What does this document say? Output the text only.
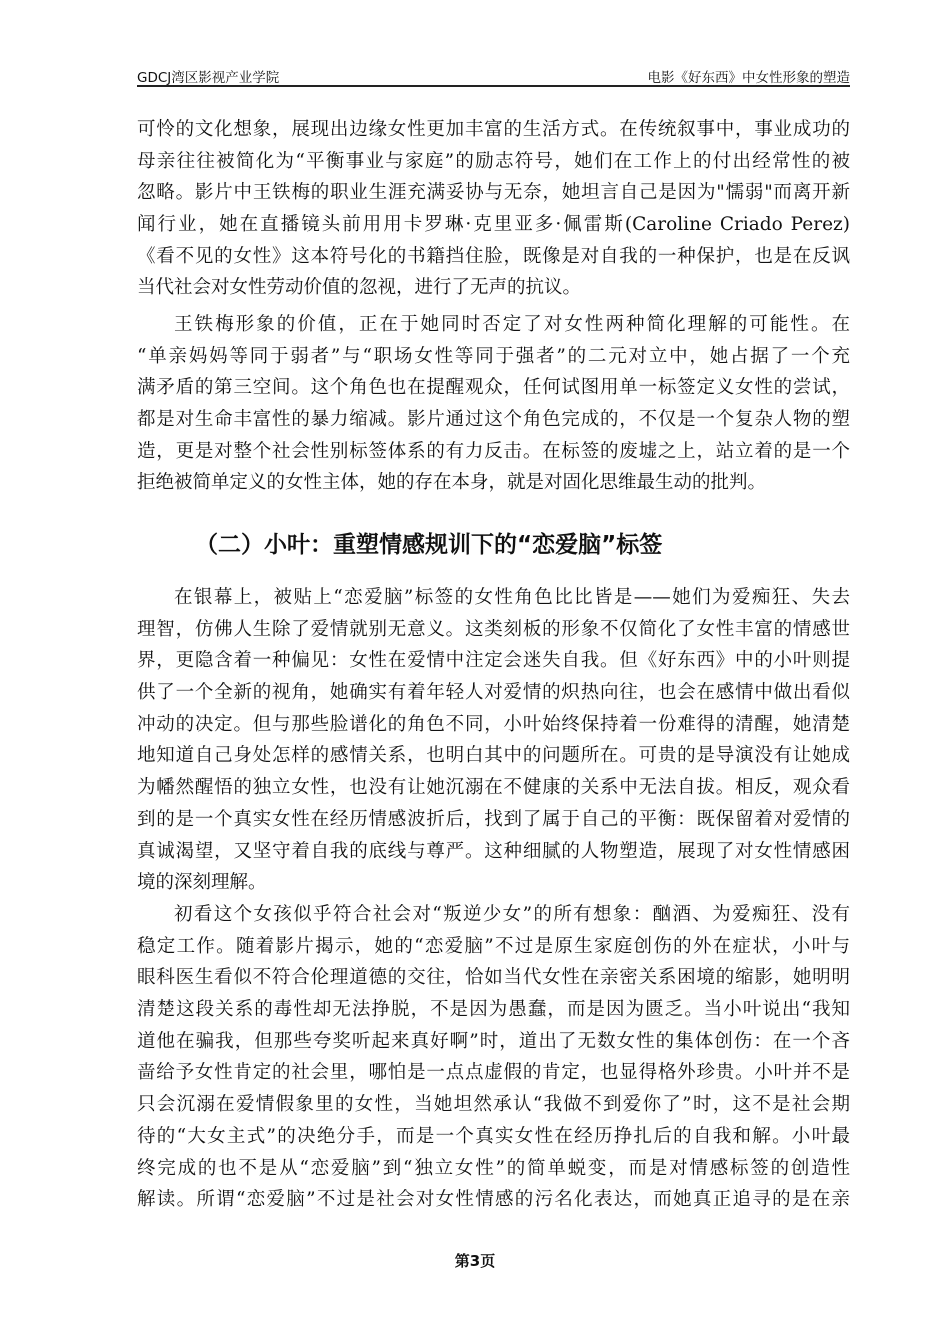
GDCJ湾区影视产业学院	电影《好东西》中女性形象的塑造
可怜的文化想象，展现出边缘女性更加丰富的生活方式。在传统叙事中，事业成功的
母亲往往被简化为“平衡事业与家庭”的励志符号，她们在工作上的付出经常性的被
忽略。影片中王铁梅的职业生涯充满妥协与无奈，她坦言自己是因为"懦弱"而离开新
闻行业，她在直播镜头前用用卡罗琳·克里亚多·佩雷斯(Caroline Criado Perez)
《看不见的女性》这本符号化的书籍挡住脸，既像是对自我的一种保护，也是在反讽
当代社会对女性劳动价值的忽视，进行了无声的抗议。
王铁梅形象的价值，正在于她同时否定了对女性两种简化理解的可能性。在
“单亲妈妈等同于弱者”与“职场女性等同于强者”的二元对立中，她占据了一个充
满矛盾的第三空间。这个角色也在提醒观众，任何试图用单一标签定义女性的尝试，
都是对生命丰富性的暴力缩减。影片通过这个角色完成的，不仅是一个复杂人物的塑
造，更是对整个社会性别标签体系的有力反击。在标签的废墟之上，站立着的是一个
拒绝被简单定义的女性主体，她的存在本身，就是对固化思维最生动的批判。
（二）小叶：重塑情感规训下的“恋爱脑”标签
在银幕上，被贴上“恋爱脑”标签的女性角色比比皆是——她们为爱痴狂、失去
理智，仿佛人生除了爱情就别无意义。这类刻板的形象不仅简化了女性丰富的情感世
界，更隐含着一种偏见：女性在爱情中注定会迷失自我。但《好东西》中的小叶则提
供了一个全新的视角，她确实有着年轻人对爱情的炽热向往，也会在感情中做出看似
冲动的决定。但与那些脸谱化的角色不同，小叶始终保持着一份难得的清醒，她清楚
地知道自己身处怎样的感情关系，也明白其中的问题所在。可贵的是导演没有让她成
为幡然醒悟的独立女性，也没有让她沉溺在不健康的关系中无法自拔。相反，观众看
到的是一个真实女性在经历情感波折后，找到了属于自己的平衡：既保留着对爱情的
真诚渴望，又坚守着自我的底线与尊严。这种细腻的人物塑造，展现了对女性情感困
境的深刻理解。
初看这个女孩似乎符合社会对“叛逆少女”的所有想象：酗酒、为爱痴狂、没有
稳定工作。随着影片揭示，她的“恋爱脑”不过是原生家庭创伤的外在症状，小叶与
眼科医生看似不符合伦理道德的交往，恰如当代女性在亲密关系困境的缩影，她明明
清楚这段关系的毒性却无法挣脱，不是因为愚蠢，而是因为匮乏。当小叶说出“我知
道他在骗我，但那些夸奖听起来真好啊”时，道出了无数女性的集体创伤：在一个吝
啬给予女性肯定的社会里，哪怕是一点点虚假的肯定，也显得格外珍贵。小叶并不是
只会沉溺在爱情假象里的女性，当她坦然承认“我做不到爱你了”时，这不是社会期
待的“大女主式”的决绝分手，而是一个真实女性在经历挣扎后的自我和解。小叶最
终完成的也不是从“恋爱脑”到“独立女性”的简单蜕变，而是对情感标签的创造性
解读。所谓“恋爱脑”不过是社会对女性情感的污名化表达，而她真正追寻的是在亲
第3页
